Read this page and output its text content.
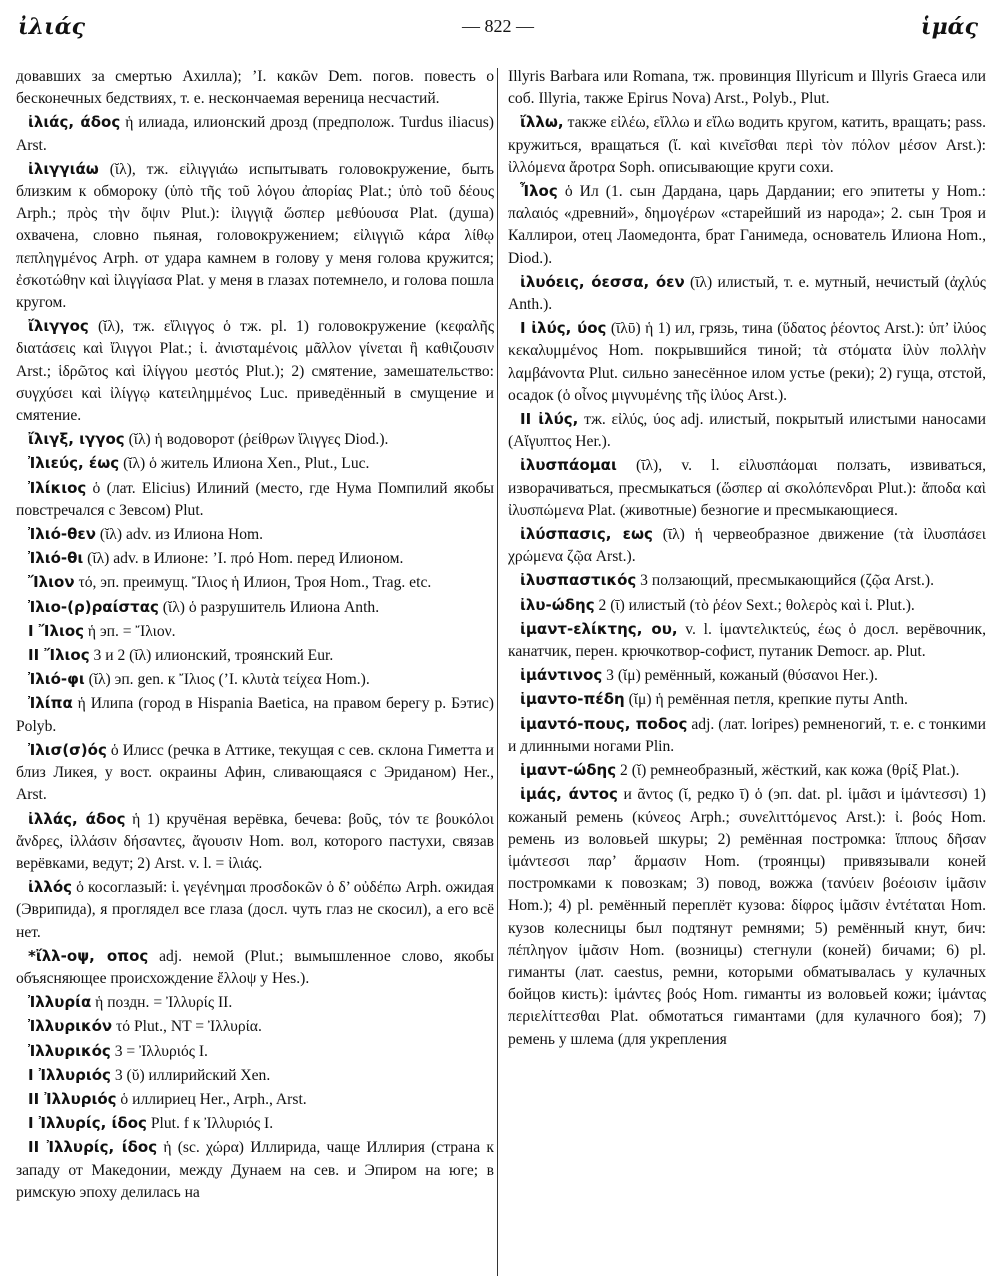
ἰλιάς	— 822 —	ἱμάς

довавших за смертью Ахилла); ’Ι. κακῶν Dem. погов. повесть о бесконечных бедствиях, т. е. нескончаемая вереница несчастий.

ἰλιάς, άδος ἡ илиада, илионский дрозд (предполож. Turdus iliacus) Arst.

ἰλιγγιάω (ῐλ), тж. εἰλιγγιάω испытывать головокружение, быть близким к обмороку (ὑπὸ τῆς τοῦ λόγου ἀπορίας Plat.; ὑπὸ τοῦ δέους Arph.; πρὸς τὴν ὄψιν Plut.): ἰλιγγιᾷ ὥσπερ μεθύουσα Plat. (душа) охвачена, словно пьяная, головокружением; εἰλιγγιῶ κάρα λίθῳ πεπληγμένος Arph. от удара камнем в голову у меня голова кружится; ἐσκοτώθην καὶ ἰλιγγίασα Plat. у меня в глазах потемнело, и голова пошла кругом.

ἴλιγγος (ῐλ), тж. εἴλιγγος ὁ тж. pl. 1) головокружение (κεφαλῆς διατάσεις καὶ ἴλιγγοι Plat.; ἰ. ἀνισταμένοις μᾶλλον γίνεται ἢ καθιζουσιν Arst.; ἱδρῶτος καὶ ἰλίγγου μεστός Plut.); 2) смятение, замешательство: συγχύσει καὶ ἰλίγγῳ κατειλημμένος Luc. приведённый в смущение и смятение.

ἴλιγξ, ιγγος (ῐλ) ἡ водоворот (ῥείθρων ἴλιγγες Diod.).

Ἰλιεύς, έως (ῐλ) ὁ житель Илиона Xen., Plut., Luc.

Ἰλίκιος ὁ (лат. Elicius) Илиний (место, где Нума Помпилий якобы повстречался с Зевсом) Plut.

Ἰλιό-θεν (ῐλ) adv. из Илиона Hom.

Ἰλιό-θι (ῐλ) adv. в Илионе: ’Ι. πρό Hom. перед Илионом.

Ἴλιον τό, эп. преимущ. Ἴλιος ἡ Илион, Троя Hom., Trag. etc.

Ἰλιο-(ρ)ραίστας (ῐλ) ὁ разрушитель Илиона Anth.

I Ἴλιος ἡ эп. = Ἴλιον.

II Ἴλιος 3 и 2 (ῐλ) илионский, троянский Eur.

Ἰλιό-φι (ῐλ) эп. gen. к Ἴλιος (’Ι. κλυτὰ τείχεα Hom.).

Ἰλίπα ἡ Илипа (город в Hispania Baetica, на правом берегу р. Бэтис) Polyb.

Ἰλισ(σ)ός ὁ Илисс (речка в Аттике, текущая с сев. склона Гиметта и близ Ликея, у вост. окраины Афин, сливающаяся с Эриданом) Her., Arst.

ἰλλάς, άδος ἡ 1) кручёная верёвка, бечева: βοῦς, τόν τε βουκόλοι ἄνδρες, ἰλλάσιν δήσαντες, ἄγουσιν Hom. вол, которого пастухи, связав верёвками, ведут; 2) Arst. v. l. = ἰλιάς.

ἰλλός ὁ косоглазый: ἰ. γεγένημαι προσδοκῶν ὁ δ’ οὐδέπω Arph. ожидая (Эврипида), я проглядел все глаза (досл. чуть глаз не скосил), а его всё нет.

*ἴλλ-οψ, οπος adj. немой (Plut.; вымышленное слово, якобы объясняющее происхождение ἔλλοψ у Hes.).

Ἰλλυρία ἡ поздн. = Ἰλλυρίς II.

Ἰλλυρικόν τό Plut., NT = Ἰλλυρία.

Ἰλλυρικός 3 = Ἰλλυριός I.

I Ἰλλυριός 3 (ῠ) иллирийский Xen.

II Ἰλλυριός ὁ иллириец Her., Arph., Arst.

I Ἰλλυρίς, ίδος Plut. f к Ἰλλυριός I.

II Ἰλλυρίς, ίδος ἡ (sc. χώρα) Иллирида, чаще Иллирия (страна к западу от Македонии, между Дунаем на сев. и Эпиром на юге; в римскую эпоху делилась на

Illyris Barbara или Romana, тж. провинция Illyricum и Illyris Graeca или соб. Illyria, также Epirus Nova) Arst., Polyb., Plut.

ἴλλω, также εἰλέω, εἴλλω и εἴλω водить кругом, катить, вращать; pass. кружиться, вращаться (ἴ. καὶ κινεῖσθαι περὶ τὸν πόλον μέσον Arst.): ἰλλόμενα ἄροτρα Soph. описывающие круги сохи.

Ἶλος ὁ Ил (1. сын Дардана, царь Дардании; его эпитеты у Hom.: παλαιός «древний», δημογέρων «старейший из народа»; 2. сын Троя и Каллирои, отец Лаомедонта, брат Ганимеда, основатель Илиона Hom., Diod.).

ἰλυόεις, όεσσα, όεν (ῑλ) илистый, т. е. мутный, нечистый (ἀχλύς Anth.).

I ἰλύς, ύος (ῑλῡ) ἡ 1) ил, грязь, тина (ὕδατος ῥέοντος Arst.): ὑπ’ ἰλύος κεκαλυμμένος Hom. покрывшийся тиной; τὰ στόματα ἰλὺν πολλὴν λαμβάνοντα Plut. сильно занесённое илом устье (реки); 2) гуща, отстой, осадок (ὁ οἶνος μιγνυμένης τῆς ἰλύος Arst.).

II ἰλύς, тж. εἰλύς, ύος adj. илистый, покрытый илистыми наносами (Αἴγυπτος Her.).

ἰλυσπάομαι (ῑλ), v. l. εἰλυσπάομαι ползать, извиваться, изворачиваться, пресмыкаться (ὥσπερ αἱ σκολόπενδραι Plut.): ἄποδα καὶ ἰλυσπώμενα Plat. (животные) безногие и пресмыкающиеся.

ἰλύσπασις, εως (ῑλ) ἡ червеобразное движение (τὰ ἰλυσπάσει χρώμενα ζῷα Arst.).

ἰλυσπαστικός 3 ползающий, пресмыкающийся (ζῷα Arst.).

ἰλυ-ώδης 2 (ῑ) илистый (τὸ ῥέον Sext.; θολερὸς καὶ ἰ. Plut.).

ἱμαντ-ελίκτης, ου, v. l. ἱμαντελικτεύς, έως ὁ досл. верёвочник, канатчик, перен. крючкотвор-софист, путаник Democr. ap. Plut.

ἱμάντινος 3 (ῐμ) ремённый, кожаный (θύσανοι Her.).

ἱμαντο-πέδη (ῐμ) ἡ ремённая петля, крепкие путы Anth.

ἱμαντό-πους, ποδος adj. (лат. loripes) ремненогий, т. е. с тонкими и длинными ногами Plin.

ἱμαντ-ώδης 2 (ῐ) ремнеобразный, жёсткий, как кожа (θρίξ Plat.).

ἱμάς, άντος и ᾶντος (ῐ, редко ῑ) ὁ (эп. dat. pl. ἱμᾶσι и ἱμάντεσσι) 1) кожаный ремень (κύνεος Arph.; συνελιττόμενος Arst.): ἰ. βοός Hom. ремень из воловьей шкуры; 2) ремённая постромка: ἵππους δῆσαν ἱμάντεσσι παρ’ ἅρμασιν Hom. (троянцы) привязывали коней постромками к повозкам; 3) повод, вожжа (τανύειν βοέοισιν ἱμᾶσιν Hom.); 4) pl. ремённый переплёт кузова: δίφρος ἱμᾶσιν ἐντέταται Hom. кузов колесницы был подтянут ремнями; 5) ремённый кнут, бич: πέπληγον ἱμᾶσιν Hom. (возницы) стегнули (коней) бичами; 6) pl. гиманты (лат. caestus, ремни, которыми обматывалась у кулачных бойцов кисть): ἱμάντες βοός Hom. гиманты из воловьей кожи; ἱμάντας περιελίττεσθαι Plat. обмотаться гимантами (для кулачного боя); 7) ремень у шлема (для укрепления
